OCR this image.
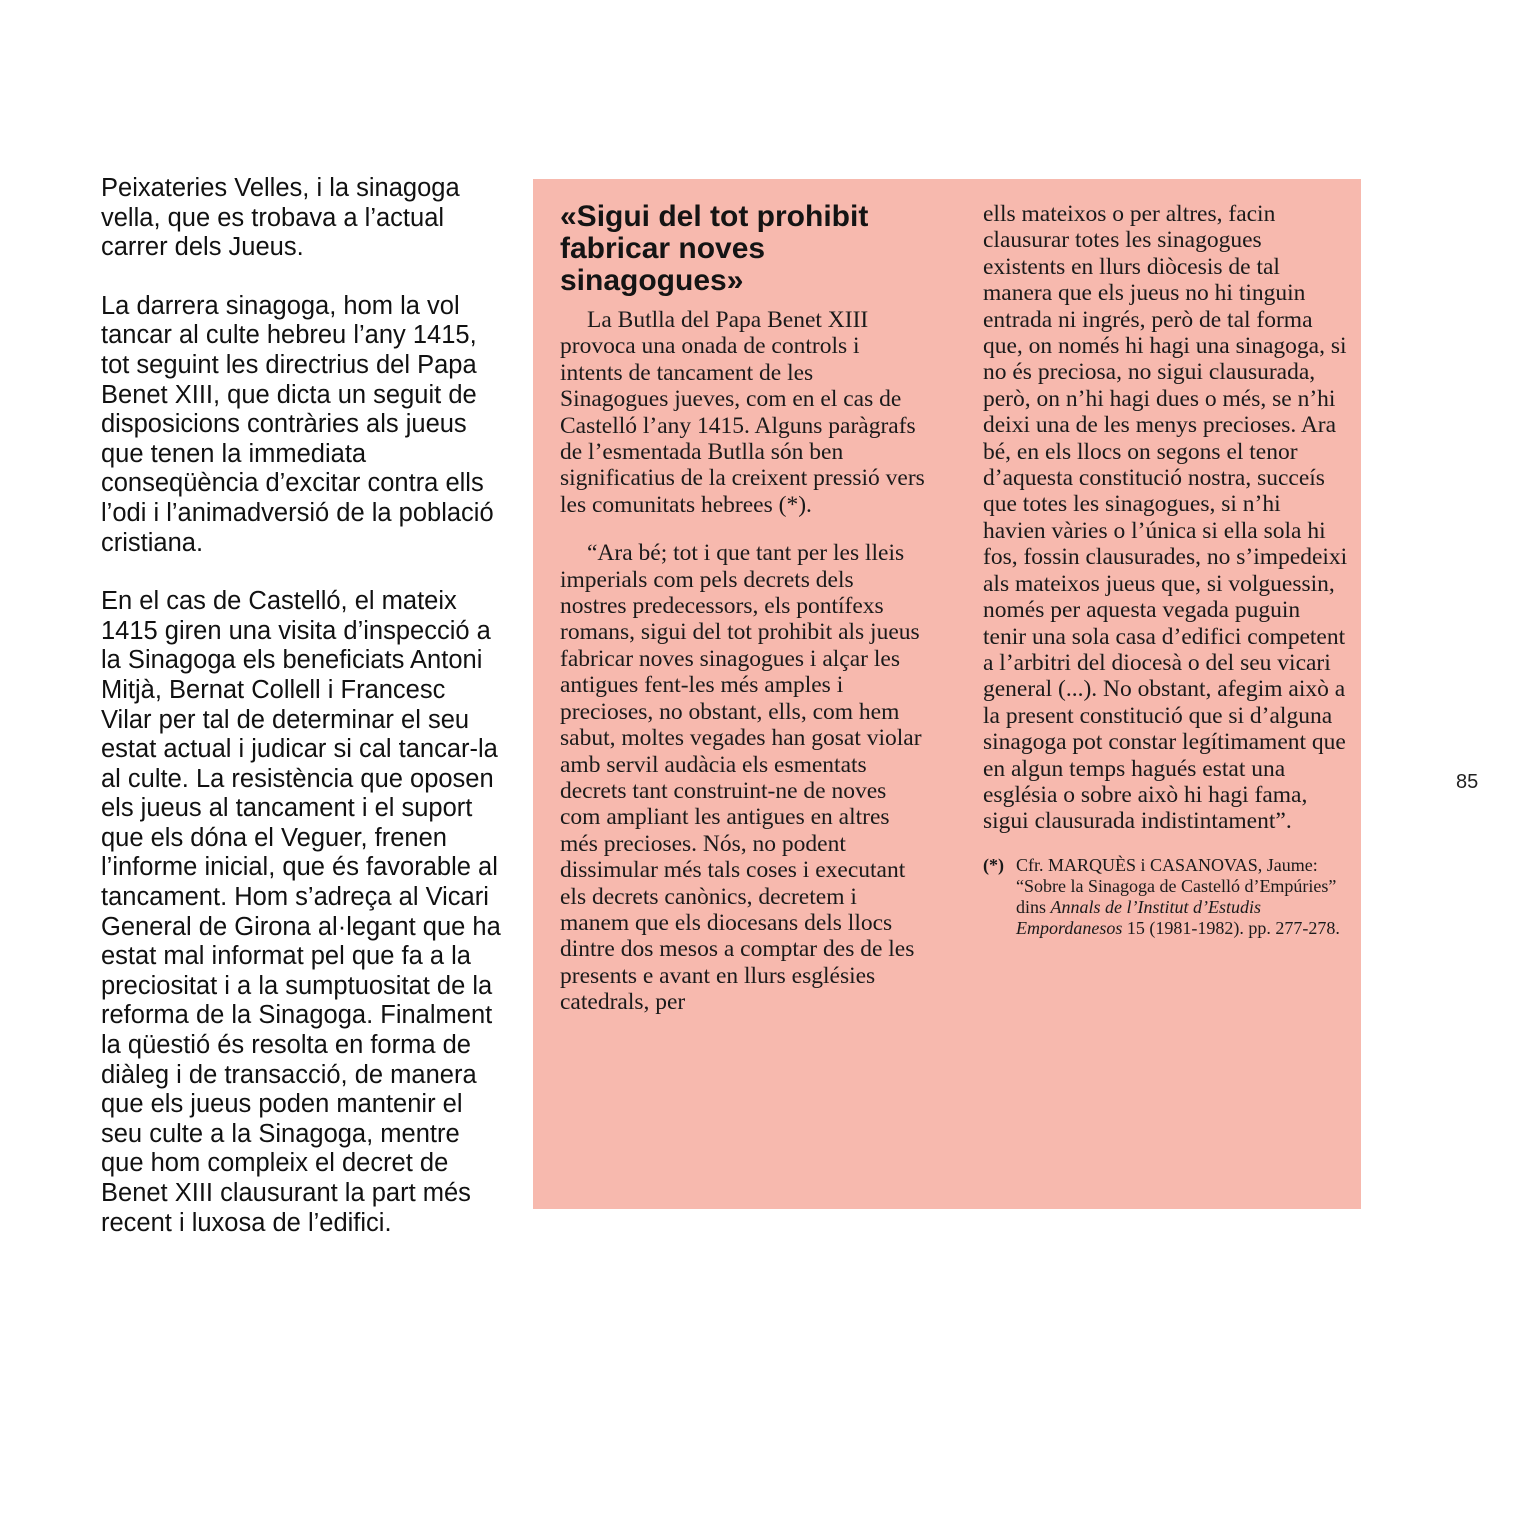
Peixateries Velles, i la sinagoga vella, que es trobava a l’actual carrer dels Jueus.

La darrera sinagoga, hom la vol tancar al culte hebreu l’any 1415, tot seguint les directrius del Papa Benet XIII, que dicta un seguit de disposicions contràries als jueus que tenen la immediata conseqüència d’excitar contra ells l’odi i l’animadversió de la població cristiana.

En el cas de Castelló, el mateix 1415 giren una visita d’inspecció a la Sinagoga els beneficiats Antoni Mitjà, Bernat Collell i Francesc Vilar per tal de determinar el seu estat actual i judicar si cal tancar-la al culte. La resistència que oposen els jueus al tancament i el suport que els dóna el Veguer, frenen l’informe inicial, que és favorable al tancament. Hom s’adreça al Vicari General de Girona al·legant que ha estat mal informat pel que fa a la preciositat i a la sumptuositat de la reforma de la Sinagoga. Finalment la qüestió és resolta en forma de diàleg i de transacció, de manera que els jueus poden mantenir el seu culte a la Sinagoga, mentre que hom compleix el decret de Benet XIII clausurant la part més recent i luxosa de l’edifici.

«Sigui del tot prohibit fabricar noves sinagogues»

La Butlla del Papa Benet XIII provoca una onada de controls i intents de tancament de les Sinagogues jueves, com en el cas de Castelló l’any 1415. Alguns paràgrafs de l’esmentada Butlla són ben significatius de la creixent pressió vers les comunitats hebrees (*).

“Ara bé; tot i que tant per les lleis imperials com pels decrets dels nostres predecessors, els pontífexs romans, sigui del tot prohibit als jueus fabricar noves sinagogues i alçar les antigues fent-les més amples i precioses, no obstant, ells, com hem sabut, moltes vegades han gosat violar amb servil audàcia els esmentats decrets tant construint-ne de noves com ampliant les antigues en altres més precioses. Nós, no podent dissimular més tals coses i executant els decrets canònics, decretem i manem que els diocesans dels llocs dintre dos mesos a comptar des de les presents e avant en llurs esglésies catedrals, per

ells mateixos o per altres, facin clausurar totes les sinagogues existents en llurs diòcesis de tal manera que els jueus no hi tinguin entrada ni ingrés, però de tal forma que, on només hi hagi una sinagoga, si no és preciosa, no sigui clausurada, però, on n’hi hagi dues o més, se n’hi deixi una de les menys precioses. Ara bé, en els llocs on segons el tenor d’aquesta constitució nostra, succeís que totes les sinagogues, si n’hi havien vàries o l’única si ella sola hi fos, fossin clausurades, no s’impedeixi als mateixos jueus que, si volguessin, només per aquesta vegada puguin tenir una sola casa d’edifici competent a l’arbitri del diocesà o del seu vicari general (...). No obstant, afegim això a la present constitució que si d’alguna sinagoga pot constar legítimament que en algun temps hagués estat una església o sobre això hi hagi fama, sigui clausurada indistintament”.

(*) Cfr. MARQUÈS i CASANOVAS, Jaume: “Sobre la Sinagoga de Castelló d’Empúries” dins Annals de l’Institut d’Estudis Empordanesos 15 (1981-1982). pp. 277-278.

85
